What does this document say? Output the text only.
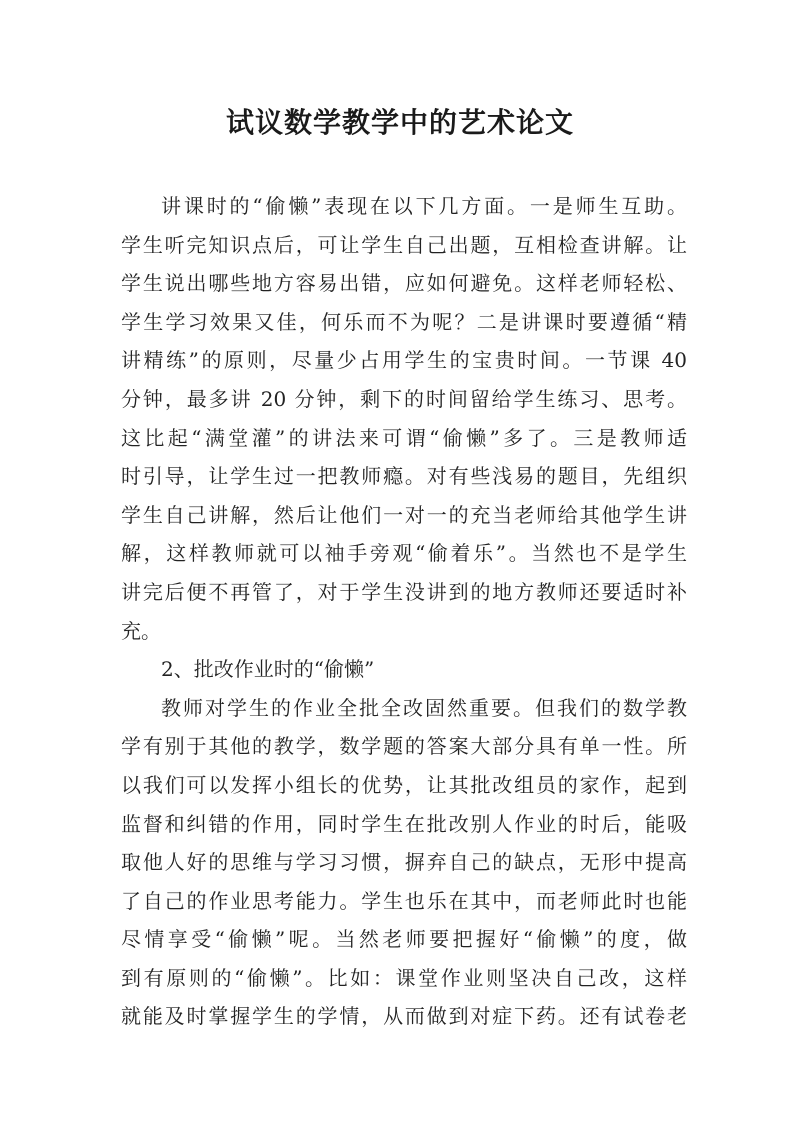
试议数学教学中的艺术论文
讲课时的“偷懒”表现在以下几方面。一是师生互助。
学生听完知识点后，可让学生自己出题，互相检查讲解。让
学生说出哪些地方容易出错，应如何避免。这样老师轻松、
学生学习效果又佳，何乐而不为呢？二是讲课时要遵循“精
讲精练”的原则，尽量少占用学生的宝贵时间。一节课 40
分钟，最多讲 20 分钟，剩下的时间留给学生练习、思考。
这比起“满堂灌”的讲法来可谓“偷懒”多了。三是教师适
时引导，让学生过一把教师瘾。对有些浅易的题目，先组织
学生自己讲解，然后让他们一对一的充当老师给其他学生讲
解，这样教师就可以袖手旁观“偷着乐”。当然也不是学生
讲完后便不再管了，对于学生没讲到的地方教师还要适时补
充。
2、批改作业时的“偷懒”
教师对学生的作业全批全改固然重要。但我们的数学教
学有别于其他的教学，数学题的答案大部分具有单一性。所
以我们可以发挥小组长的优势，让其批改组员的家作，起到
监督和纠错的作用，同时学生在批改别人作业的时后，能吸
取他人好的思维与学习习惯，摒弃自己的缺点，无形中提高
了自己的作业思考能力。学生也乐在其中，而老师此时也能
尽情享受“偷懒”呢。当然老师要把握好“偷懒”的度，做
到有原则的“偷懒”。比如：课堂作业则坚决自己改，这样
就能及时掌握学生的学情，从而做到对症下药。还有试卷老
